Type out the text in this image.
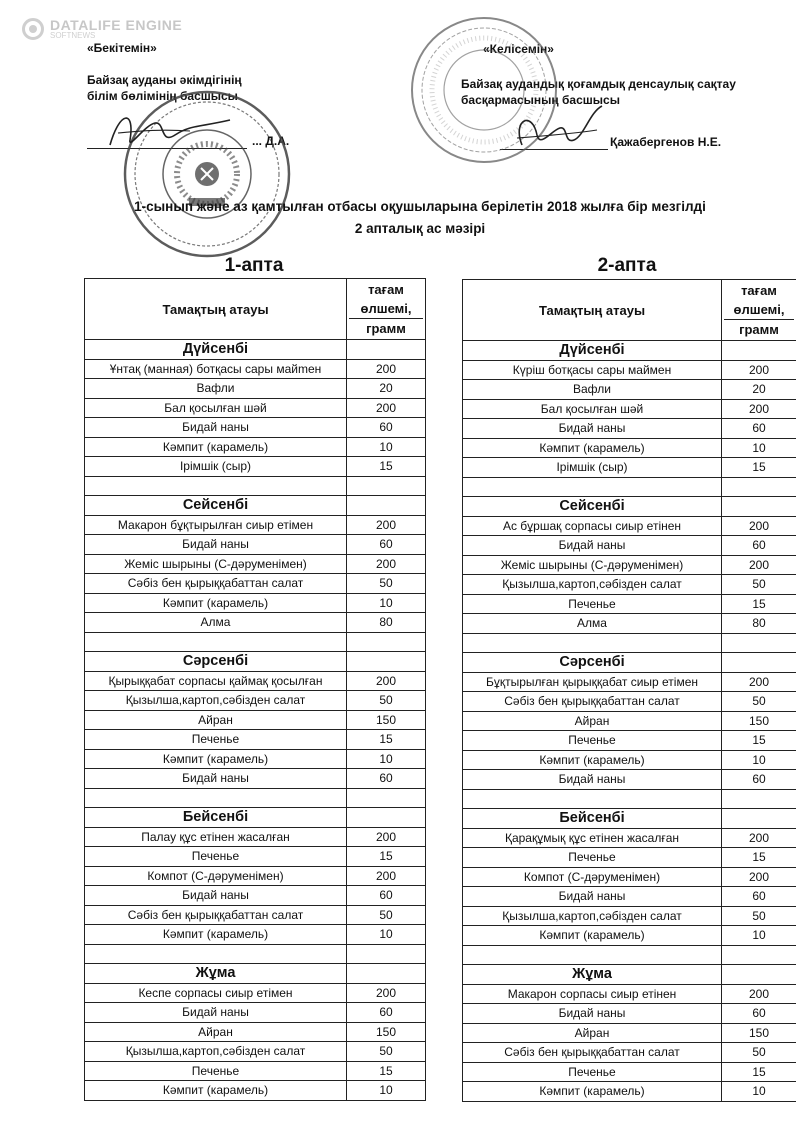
DATALIFE ENGINE
SOFTNEWS
«Бекітемін»
Байзақ ауданы әкімдігінің
білім бөлімінің басшысы
... Д.А.
«Келісемін»
Байзақ аудандық қоғамдық денсаулық сақтау
басқармасының басшысы
Қажабергенов Н.Е.
1-сынып және аз қамтылған отбасы оқушыларына берілетін 2018 жылға бір мезгілді
2 апталық ас мәзірі
1-апта	2-апта
Тамақтың атауы	тағам
өлшемі,
грамм

Дүйсенбі	
Ұнтақ (манная) ботқасы сары майmен	200
Вафли	20
Бал қосылған шәй	200
Бидай наны	60
Кәмпит (карамель)	10
Ірімшік (сыр)	15

Сейсенбі	
Макарон бұқтырылған сиыр етімен	200
Бидай наны	60
Жеміс шырыны (С-дәруменімен)	200
Сәбіз бен қырыққабаттан салат	50
Кәмпит (карамель)	10
Алма	80

Сәрсенбі	
Қырыққабат сорпасы қаймақ қосылған	200
Қызылша,картоп,сәбізден салат	50
Айран	150
Печенье	15
Кәмпит (карамель)	10
Бидай наны	60

Бейсенбі	
Палау құс етінен жасалған	200
Печенье	15
Компот (С-дәруменімен)	200
Бидай наны	60
Сәбіз бен қырыққабаттан салат	50
Кәмпит (карамель)	10

Жұма	
Кеспе сорпасы сиыр етімен	200
Бидай наны	60
Айран	150
Қызылша,картоп,сәбізден салат	50
Печенье	15
Кәмпит (карамель)	10
Тамақтың атауы	тағам
өлшемі,
грамм

Дүйсенбі	
Күріш ботқасы сары маймен	200
Вафли	20
Бал қосылған шәй	200
Бидай наны	60
Кәмпит (карамель)	10
Ірімшік (сыр)	15

Сейсенбі	
Ас бұршақ сорпасы сиыр етінен	200
Бидай наны	60
Жеміс шырыны (С-дәруменімен)	200
Қызылша,картоп,сәбізден салат	50
Печенье	15
Алма	80

Сәрсенбі	
Бұқтырылған қырыққабат сиыр етімен	200
Сәбіз бен қырыққабаттан салат	50
Айран	150
Печенье	15
Кәмпит (карамель)	10
Бидай наны	60

Бейсенбі	
Қарақұмық құс етінен жасалған	200
Печенье	15
Компот (С-дәруменімен)	200
Бидай наны	60
Қызылша,картоп,сәбізден салат	50
Кәмпит (карамель)	10

Жұма	
Макарон сорпасы сиыр етінен	200
Бидай наны	60
Айран	150
Сәбіз бен қырыққабаттан салат	50
Печенье	15
Кәмпит (карамель)	10
